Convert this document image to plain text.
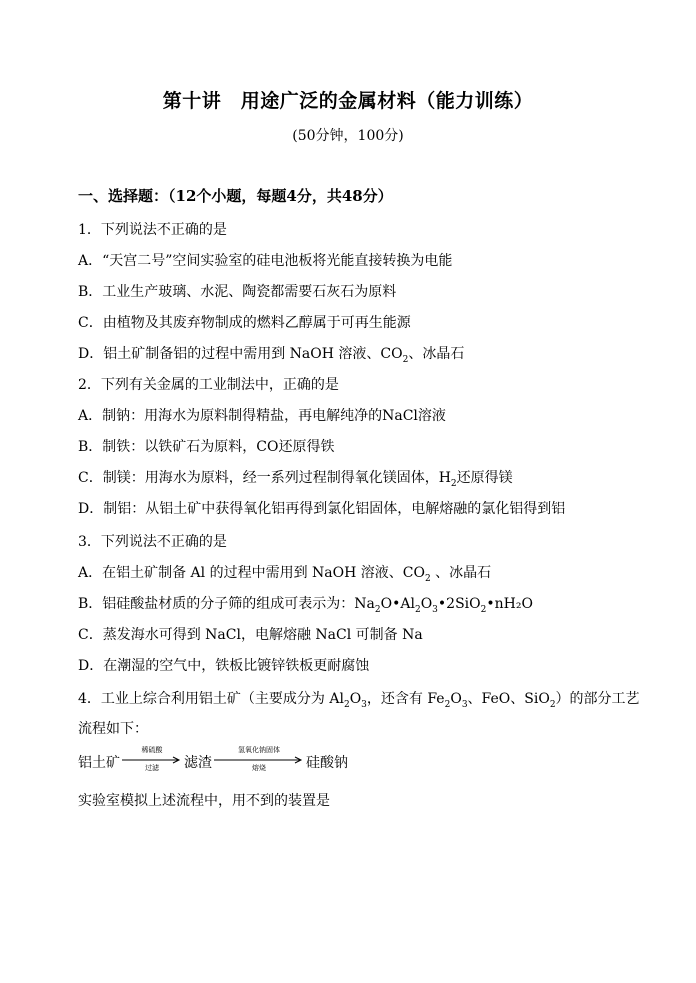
第十讲　用途广泛的金属材料（能力训练）
(50分钟，100分)
一、选择题：（12个小题，每题4分，共48分）
1．下列说法不正确的是
A．“天宫二号”空间实验室的硅电池板将光能直接转换为电能
B．工业生产玻璃、水泥、陶瓷都需要石灰石为原料
C．由植物及其废弃物制成的燃料乙醇属于可再生能源
D．铝土矿制备铝的过程中需用到 NaOH 溶液、$CO_2$、冰晶石
2．下列有关金属的工业制法中，正确的是
A．制钠：用海水为原料制得精盐，再电解纯净的NaCl溶液
B．制铁：以铁矿石为原料，CO还原得铁
C．制镁：用海水为原料，经一系列过程制得氧化镁固体，$H_2$还原得镁
D．制铝：从铝土矿中获得氧化铝再得到氯化铝固体，电解熔融的氯化铝得到铝
3．下列说法不正确的是
A．在铝土矿制备 Al 的过程中需用到 NaOH 溶液、$CO_2$ 、冰晶石
B．铝硅酸盐材质的分子筛的组成可表示为：$Na_2O•Al_2O_3•2SiO_2•nH_2O$
C．蒸发海水可得到 NaCl，电解熔融 NaCl 可制备 Na
D．在潮湿的空气中，铁板比镀锌铁板更耐腐蚀
4．工业上综合利用铝土矿（主要成分为 $Al_2O_3$，还含有 $Fe_2O_3$、FeO、SiO$_2$）的部分工艺
流程如下：
铝土矿
稀硫酸
过滤	滤渣
氢氧化钠固体
熔烧	硅酸钠
实验室模拟上述流程中，用不到的装置是
